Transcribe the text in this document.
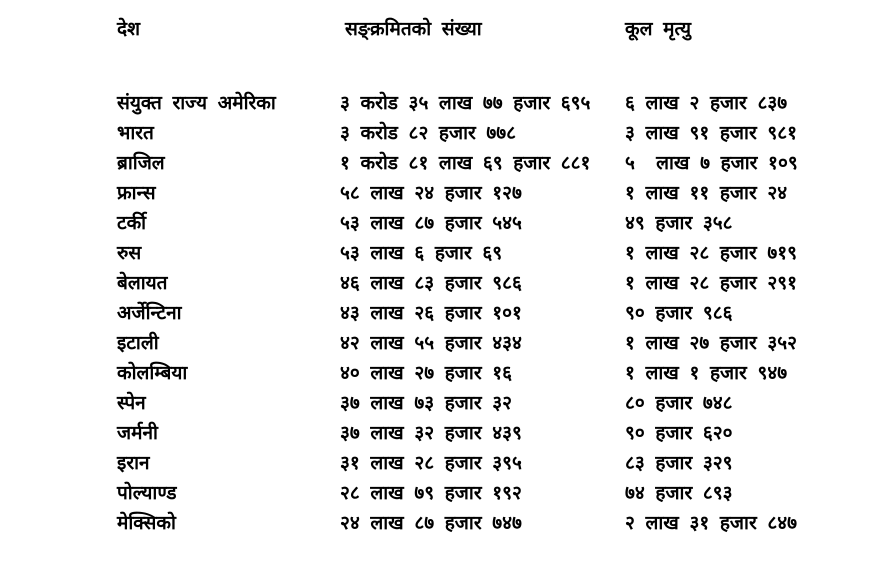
देश	सङ्क्रमितको संख्या	कूल मृत्यु
संयुक्त राज्य अमेरिका	३ करोड ३५ लाख ७७ हजार ६९५	६ लाख २ हजार ८३७
भारत	३ करोड ८२ हजार ७७८	३ लाख ९१ हजार ९८१
ब्राजिल	१ करोड ८१ लाख ६९ हजार ८८१	५  लाख ७ हजार १०९
फ्रान्स	५८ लाख २४ हजार १२७	१ लाख ११ हजार २४
टर्की	५३ लाख ८७ हजार ५४५	४९ हजार ३५८
रुस	५३ लाख ६ हजार ६९	१ लाख २८ हजार ७१९
बेलायत	४६ लाख ८३ हजार ९८६	१ लाख २८ हजार २९१
अर्जेन्टिना	४३ लाख २६ हजार १०१	९० हजार ९८६
इटाली	४२ लाख ५५ हजार ४३४	१ लाख २७ हजार ३५२
कोलम्बिया	४० लाख २७ हजार १६	१ लाख १ हजार ९४७
स्पेन	३७ लाख ७३ हजार ३२	८० हजार ७४८
जर्मनी	३७ लाख ३२ हजार ४३९	९० हजार ६२०
इरान	३१ लाख २८ हजार ३९५	८३ हजार ३२९
पोल्याण्ड	२८ लाख ७९ हजार १९२	७४ हजार ८९३
मेक्सिको	२४ लाख ८७ हजार ७४७	२ लाख ३१ हजार ८४७
